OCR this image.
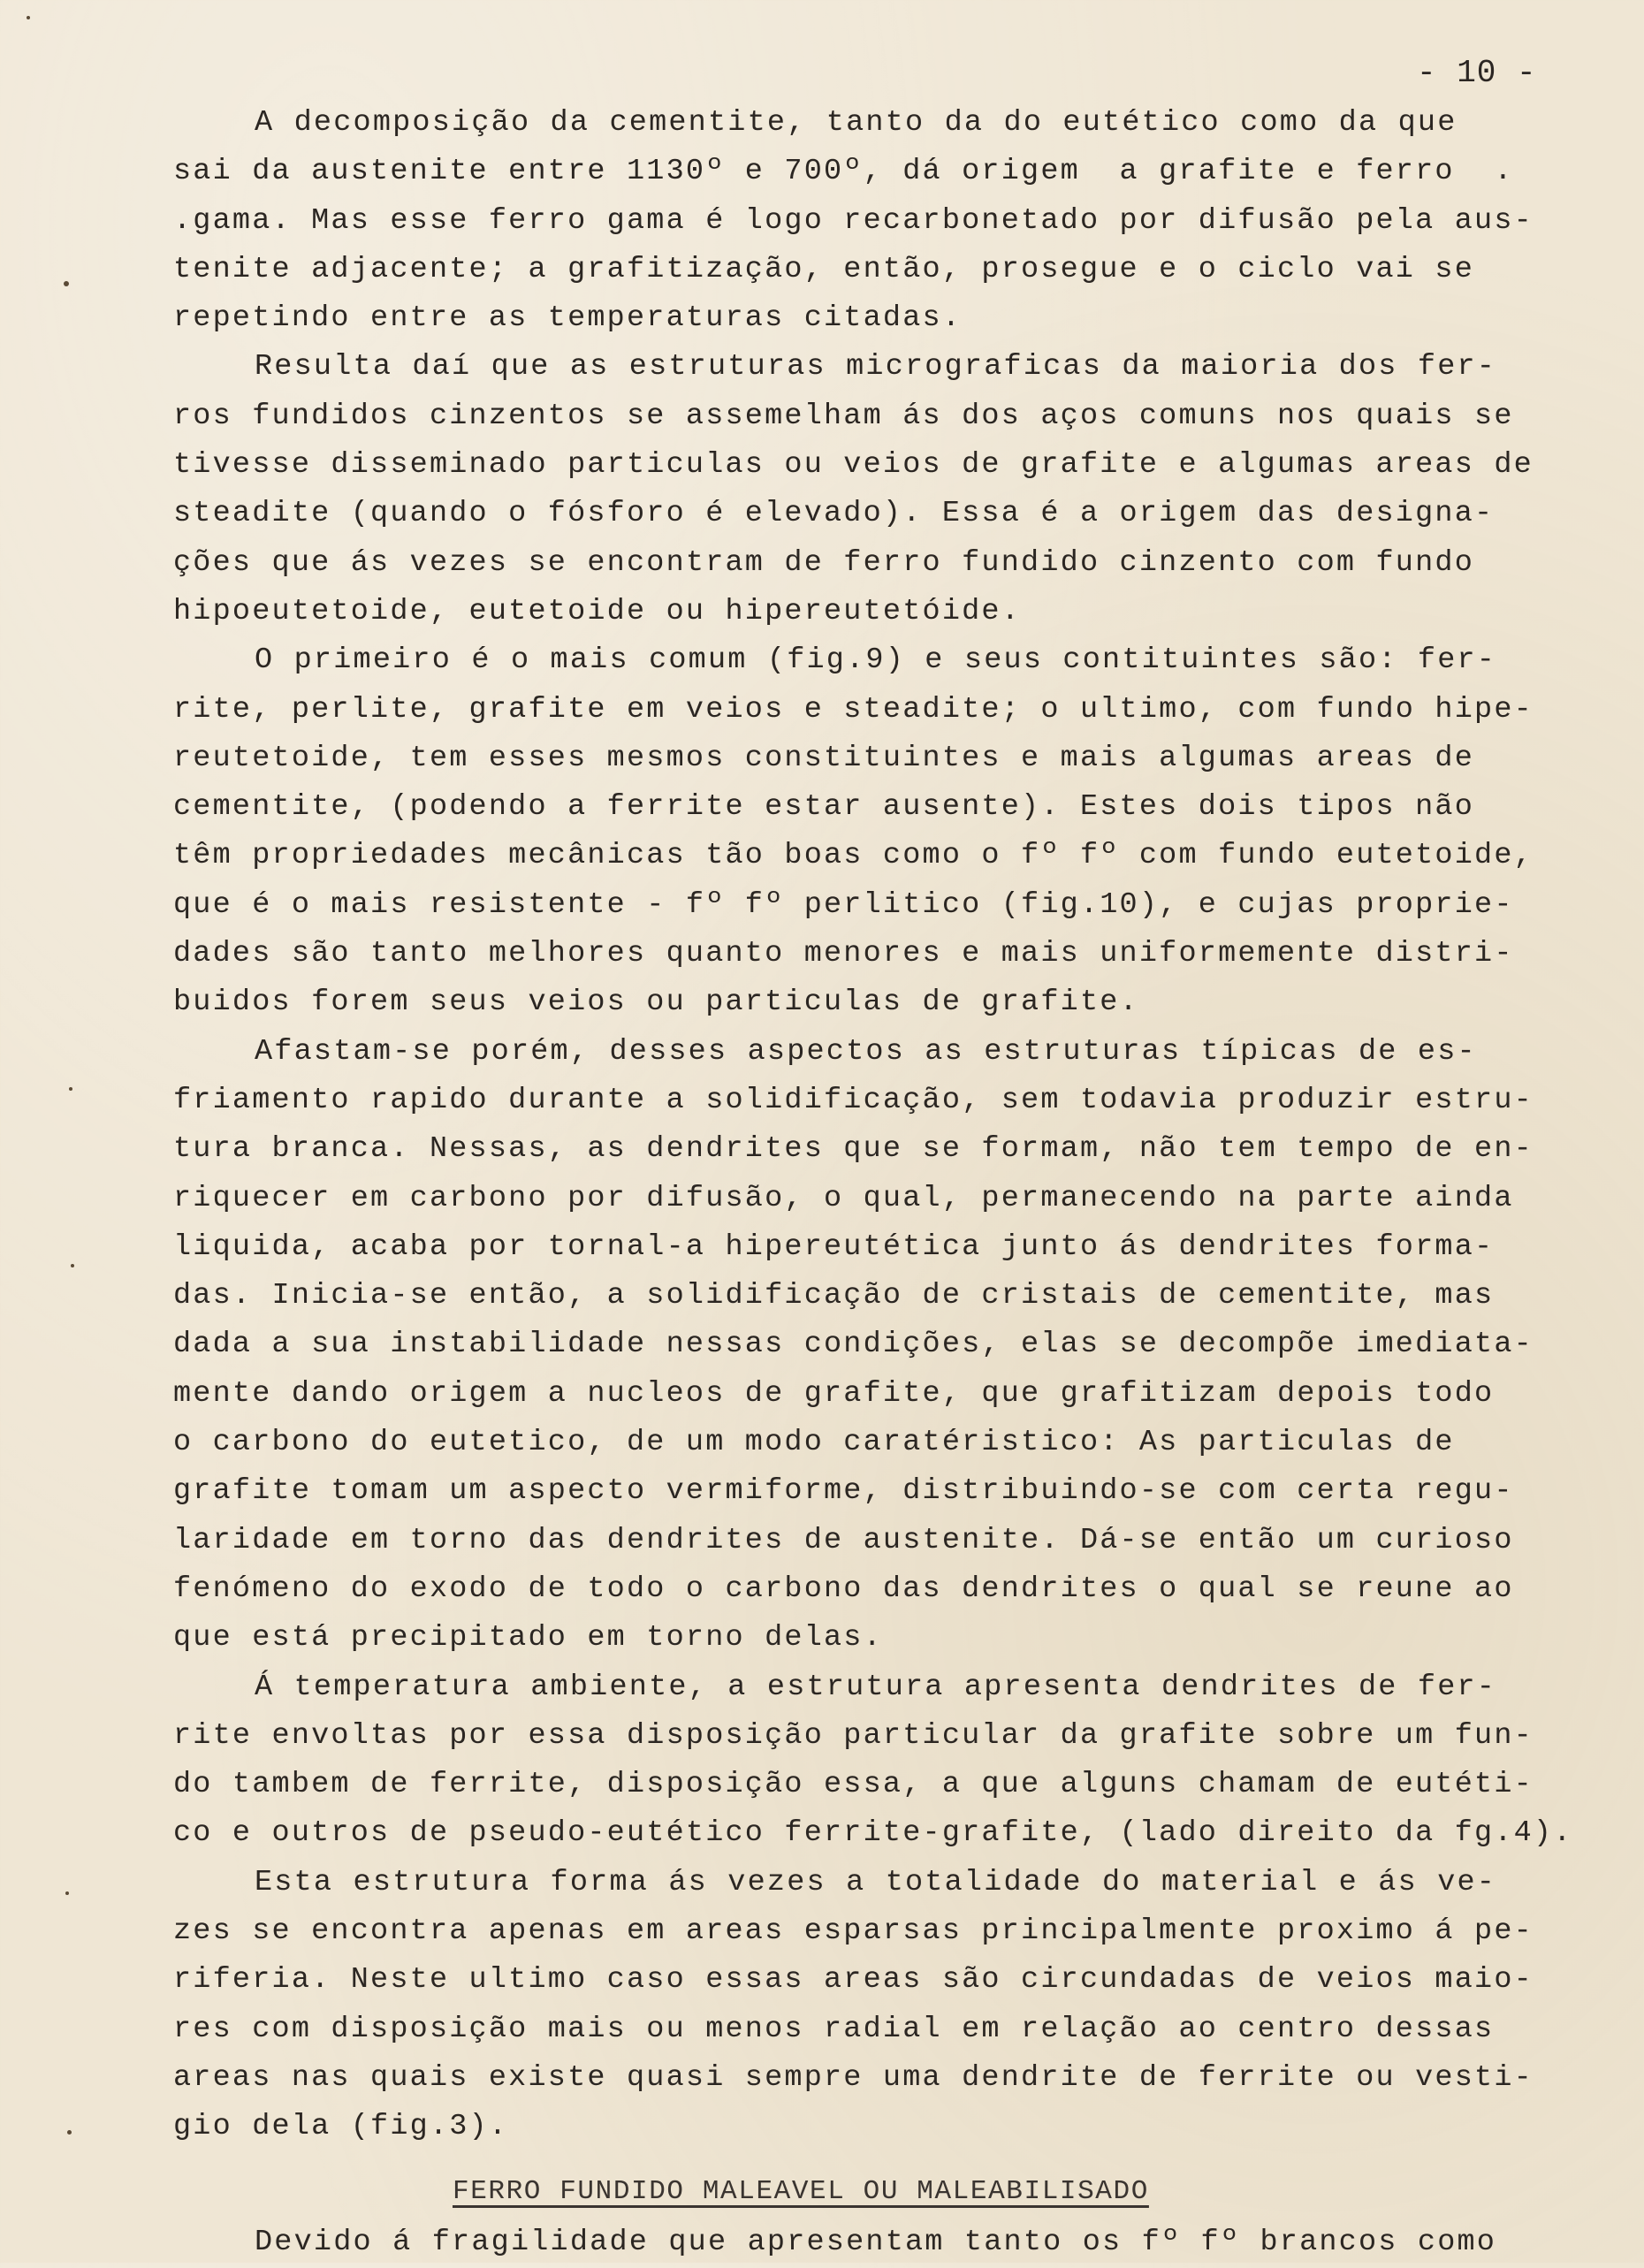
- 10 -
A decomposição da cementite, tanto da do eutético como da que
sai da austenite entre 1130º e 700º, dá origem  a grafite e ferro  .
.gama. Mas esse ferro gama é logo recarbonetado por difusão pela aus-
tenite adjacente; a grafitização, então, prosegue e o ciclo vai se
repetindo entre as temperaturas citadas.
Resulta daí que as estruturas micrograficas da maioria dos fer-
ros fundidos cinzentos se assemelham ás dos aços comuns nos quais se
tivesse disseminado particulas ou veios de grafite e algumas areas de
steadite (quando o fósforo é elevado). Essa é a origem das designa-
ções que ás vezes se encontram de ferro fundido cinzento com fundo
hipoeutetoide, eutetoide ou hipereutetóide.
O primeiro é o mais comum (fig.9) e seus contituintes são: fer-
rite, perlite, grafite em veios e steadite; o ultimo, com fundo hipe-
reutetoide, tem esses mesmos constituintes e mais algumas areas de
cementite, (podendo a ferrite estar ausente). Estes dois tipos não
têm propriedades mecânicas tão boas como o fº fº com fundo eutetoide,
que é o mais resistente - fº fº perlitico (fig.10), e cujas proprie-
dades são tanto melhores quanto menores e mais uniformemente distri-
buidos forem seus veios ou particulas de grafite.
Afastam-se porém, desses aspectos as estruturas típicas de es-
friamento rapido durante a solidificação, sem todavia produzir estru-
tura branca. Nessas, as dendrites que se formam, não tem tempo de en-
riquecer em carbono por difusão, o qual, permanecendo na parte ainda
liquida, acaba por tornal-a hipereutética junto ás dendrites forma-
das. Inicia-se então, a solidificação de cristais de cementite, mas
dada a sua instabilidade nessas condições, elas se decompõe imediata-
mente dando origem a nucleos de grafite, que grafitizam depois todo
o carbono do eutetico, de um modo caratéristico: As particulas de
grafite tomam um aspecto vermiforme, distribuindo-se com certa regu-
laridade em torno das dendrites de austenite. Dá-se então um curioso
fenómeno do exodo de todo o carbono das dendrites o qual se reune ao
que está precipitado em torno delas.
Á temperatura ambiente, a estrutura apresenta dendrites de fer-
rite envoltas por essa disposição particular da grafite sobre um fun-
do tambem de ferrite, disposição essa, a que alguns chamam de eutéti-
co e outros de pseudo-eutético ferrite-grafite, (lado direito da fg.4).
Esta estrutura forma ás vezes a totalidade do material e ás ve-
zes se encontra apenas em areas esparsas principalmente proximo á pe-
riferia. Neste ultimo caso essas areas são circundadas de veios maio-
res com disposição mais ou menos radial em relação ao centro dessas
areas nas quais existe quasi sempre uma dendrite de ferrite ou vesti-
gio dela (fig.3).
FERRO FUNDIDO MALEAVEL OU MALEABILISADO
Devido á fragilidade que apresentam tanto os fº fº brancos como
